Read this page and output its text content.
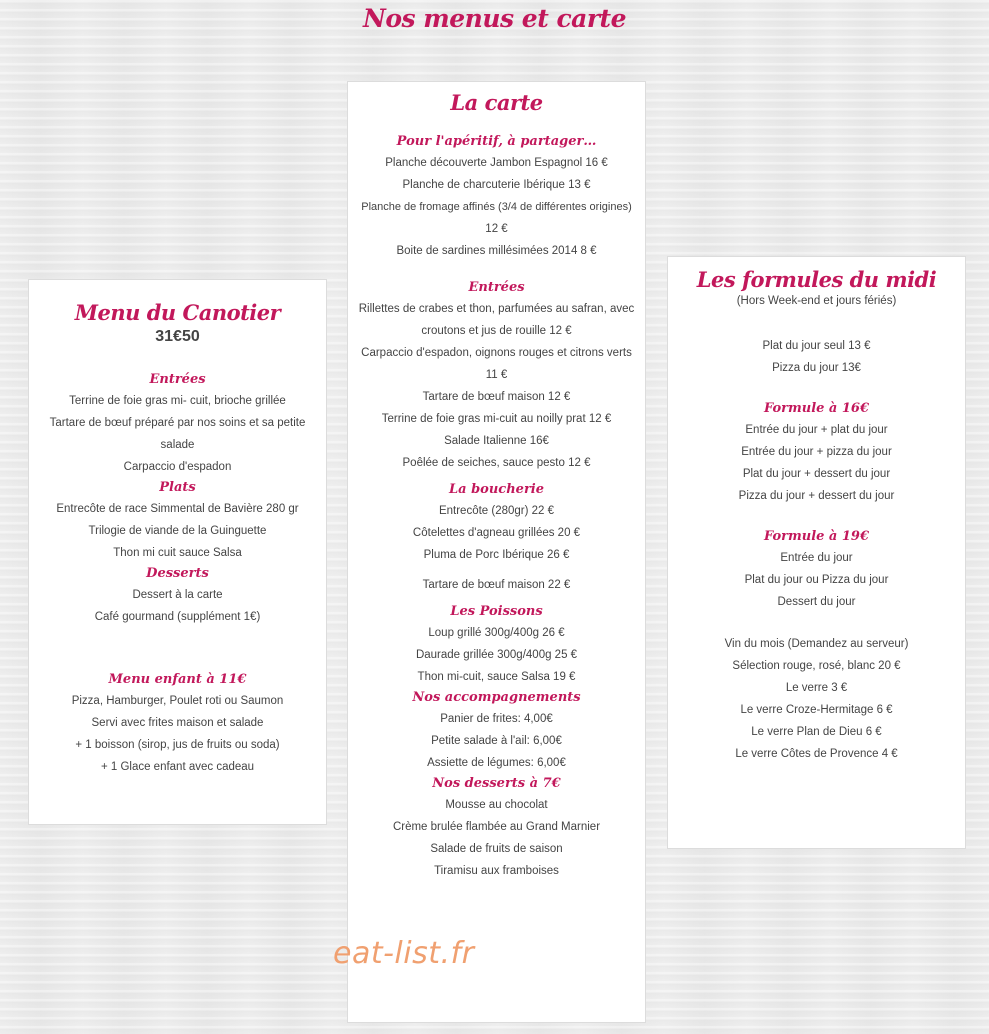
Nos menus et carte
Menu du Canotier
31€50
Entrées
Terrine de foie gras mi- cuit, brioche grillée
Tartare de bœuf préparé par nos soins et sa petite
salade
Carpaccio d'espadon
Plats
Entrecôte de race Simmental de Bavière 280 gr
Trilogie de viande de la Guinguette
Thon mi cuit sauce Salsa
Desserts
Dessert à la carte
Café gourmand (supplément 1€)
Menu enfant à 11€
Pizza, Hamburger, Poulet roti ou Saumon
Servi avec frites maison et salade
+ 1 boisson (sirop, jus de fruits ou soda)
+ 1 Glace enfant avec cadeau
La carte
Pour l'apéritif, à partager…
Planche découverte Jambon Espagnol 16 €
Planche de charcuterie Ibérique 13 €
Planche de fromage affinés (3/4 de différentes origines)
12 €
Boite de sardines millésimées 2014 8 €
Entrées
Rillettes de crabes et thon, parfumées au safran, avec
croutons et jus de rouille 12 €
Carpaccio d'espadon, oignons rouges et citrons verts
11 €
Tartare de bœuf maison 12 €
Terrine de foie gras mi-cuit au noilly prat 12 €
Salade Italienne 16€
Poêlée de seiches, sauce pesto 12 €
La boucherie
Entrecôte (280gr) 22 €
Côtelettes d'agneau grillées 20 €
Pluma de Porc Ibérique 26 €
Tartare de bœuf maison 22 €
Les Poissons
Loup grillé 300g/400g 26 €
Daurade grillée 300g/400g 25 €
Thon mi-cuit, sauce Salsa 19 €
Nos accompagnements
Panier de frites: 4,00€
Petite salade à l'ail: 6,00€
Assiette de légumes: 6,00€
Nos desserts à 7€
Mousse au chocolat
Crème brulée flambée au Grand Marnier
Salade de fruits de saison
Tiramisu aux framboises
Les formules du midi
(Hors Week-end et jours fériés)
Plat du jour seul 13 €
Pizza du jour 13€
Formule à 16€
Entrée du jour + plat du jour
Entrée du jour + pizza du jour
Plat du jour + dessert du jour
Pizza du jour + dessert du jour
Formule à 19€
Entrée du jour
Plat du jour ou Pizza du jour
Dessert du jour
Vin du mois (Demandez au serveur)
Sélection rouge, rosé, blanc 20 €
Le verre 3 €
Le verre Croze-Hermitage 6 €
Le verre Plan de Dieu 6 €
Le verre Côtes de Provence 4 €
eat-list.fr
